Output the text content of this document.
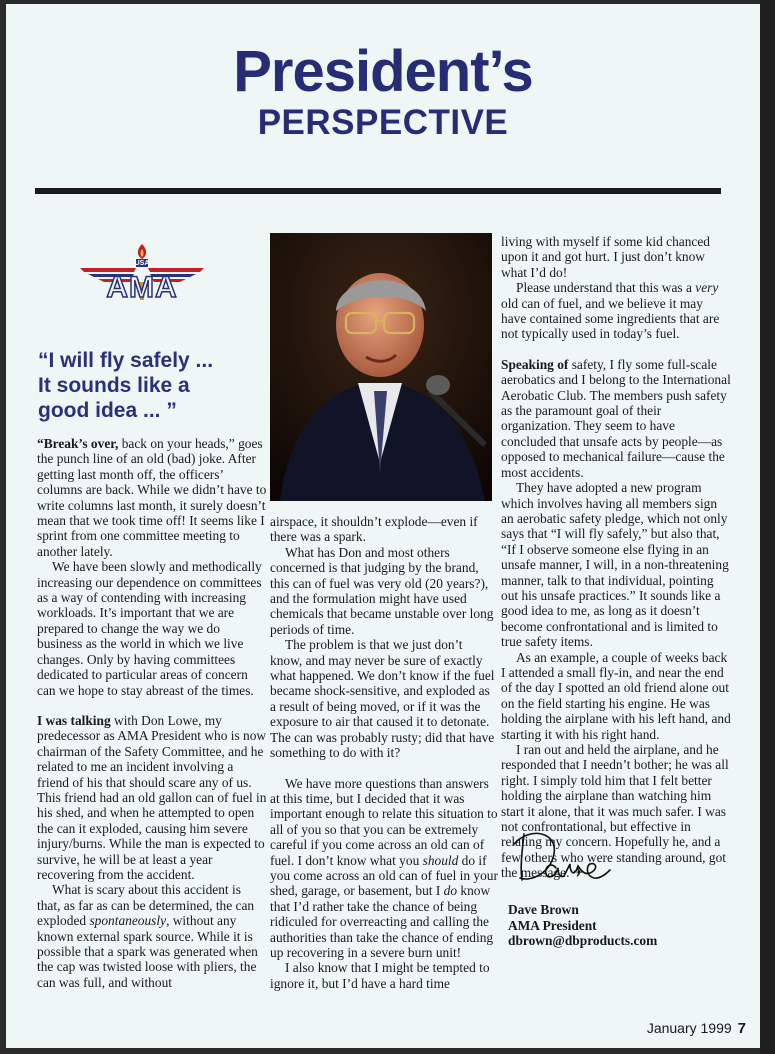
President’s
PERSPECTIVE
USA
AMA
“I will fly safely ...
It sounds like a
good idea ... ”

“Break’s over, back on your heads,” goes the punch line of an old (bad) joke. After getting last month off, the officers’ columns are back. While we didn’t have to write columns last month, it surely doesn’t mean that we took time off! It seems like I sprint from one committee meeting to another lately.

We have been slowly and methodically increasing our dependence on committees as a way of contending with increasing workloads. It’s important that we are prepared to change the way we do business as the world in which we live changes. Only by having committees dedicated to particular areas of concern can we hope to stay abreast of the times.

I was talking with Don Lowe, my predecessor as AMA President who is now chairman of the Safety Committee, and he related to me an incident involving a friend of his that should scare any of us. This friend had an old gallon can of fuel in his shed, and when he attempted to open the can it exploded, causing him severe injury/burns. While the man is expected to survive, he will be at least a year recovering from the accident.

What is scary about this accident is that, as far as can be determined, the can exploded spontaneously, without any known external spark source. While it is possible that a spark was generated when the cap was twisted loose with pliers, the can was full, and without

airspace, it shouldn’t explode—even if there was a spark.

What has Don and most others concerned is that judging by the brand, this can of fuel was very old (20 years?), and the formulation might have used chemicals that became unstable over long periods of time.

The problem is that we just don’t know, and may never be sure of exactly what happened. We don’t know if the fuel became shock-sensitive, and exploded as a result of being moved, or if it was the exposure to air that caused it to detonate. The can was probably rusty; did that have something to do with it?

We have more questions than answers at this time, but I decided that it was important enough to relate this situation to all of you so that you can be extremely careful if you come across an old can of fuel. I don’t know what you should do if you come across an old can of fuel in your shed, garage, or basement, but I do know that I’d rather take the chance of being ridiculed for overreacting and calling the authorities than take the chance of ending up recovering in a severe burn unit!

I also know that I might be tempted to ignore it, but I’d have a hard time

living with myself if some kid chanced upon it and got hurt. I just don’t know what I’d do!

Please understand that this was a very old can of fuel, and we believe it may have contained some ingredients that are not typically used in today’s fuel.

Speaking of safety, I fly some full-scale aerobatics and I belong to the International Aerobatic Club. The members push safety as the paramount goal of their organization. They seem to have concluded that unsafe acts by people—as opposed to mechanical failure—cause the most accidents.

They have adopted a new program which involves having all members sign an aerobatic safety pledge, which not only says that “I will fly safely,” but also that, “If I observe someone else flying in an unsafe manner, I will, in a non-threatening manner, talk to that individual, pointing out his unsafe practices.” It sounds like a good idea to me, as long as it doesn’t become confrontational and is limited to true safety items.

As an example, a couple of weeks back I attended a small fly-in, and near the end of the day I spotted an old friend alone out on the field starting his engine. He was holding the airplane with his left hand, and starting it with his right hand.

I ran out and held the airplane, and he responded that I needn’t bother; he was all right. I simply told him that I felt better holding the airplane than watching him start it alone, that it was much safer. I was not confrontational, but effective in relating my concern. Hopefully he, and a few others who were standing around, got the message. ✈

Dave Brown
AMA President
dbrown@dbproducts.com
January 1999 7
